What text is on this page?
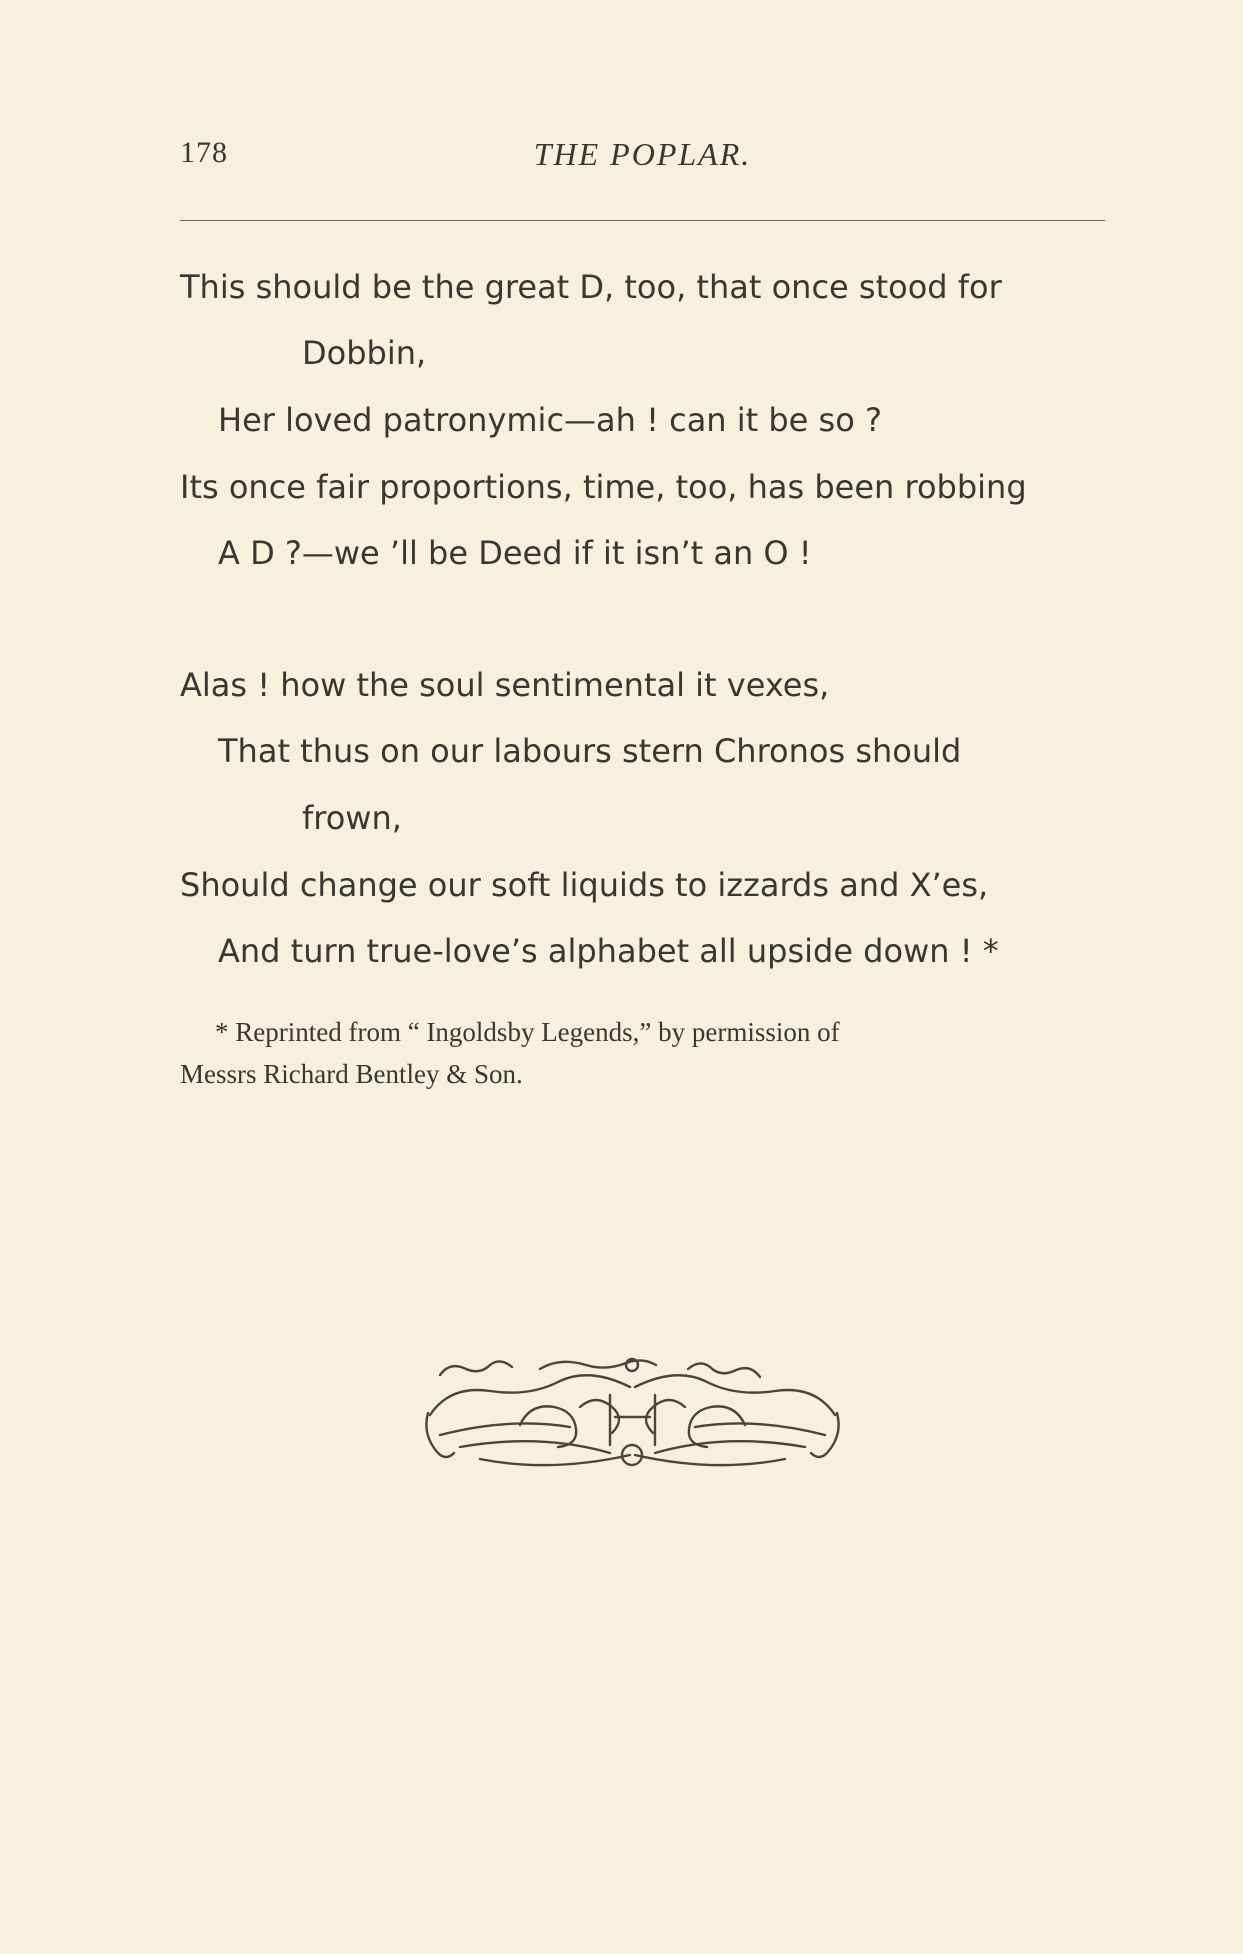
178	THE POPLAR.
This should be the great D, too, that once stood for
Dobbin,
Her loved patronymic—ah ! can it be so ?
Its once fair proportions, time, too, has been robbing
A D ?—we ’ll be Deed if it isn’t an O !
Alas ! how the soul sentimental it vexes,
That thus on our labours stern Chronos should
frown,
Should change our soft liquids to izzards and X’es,
And turn true-love’s alphabet all upside down ! *
* Reprinted from “ Ingoldsby Legends,” by permission of
Messrs Richard Bentley & Son.
